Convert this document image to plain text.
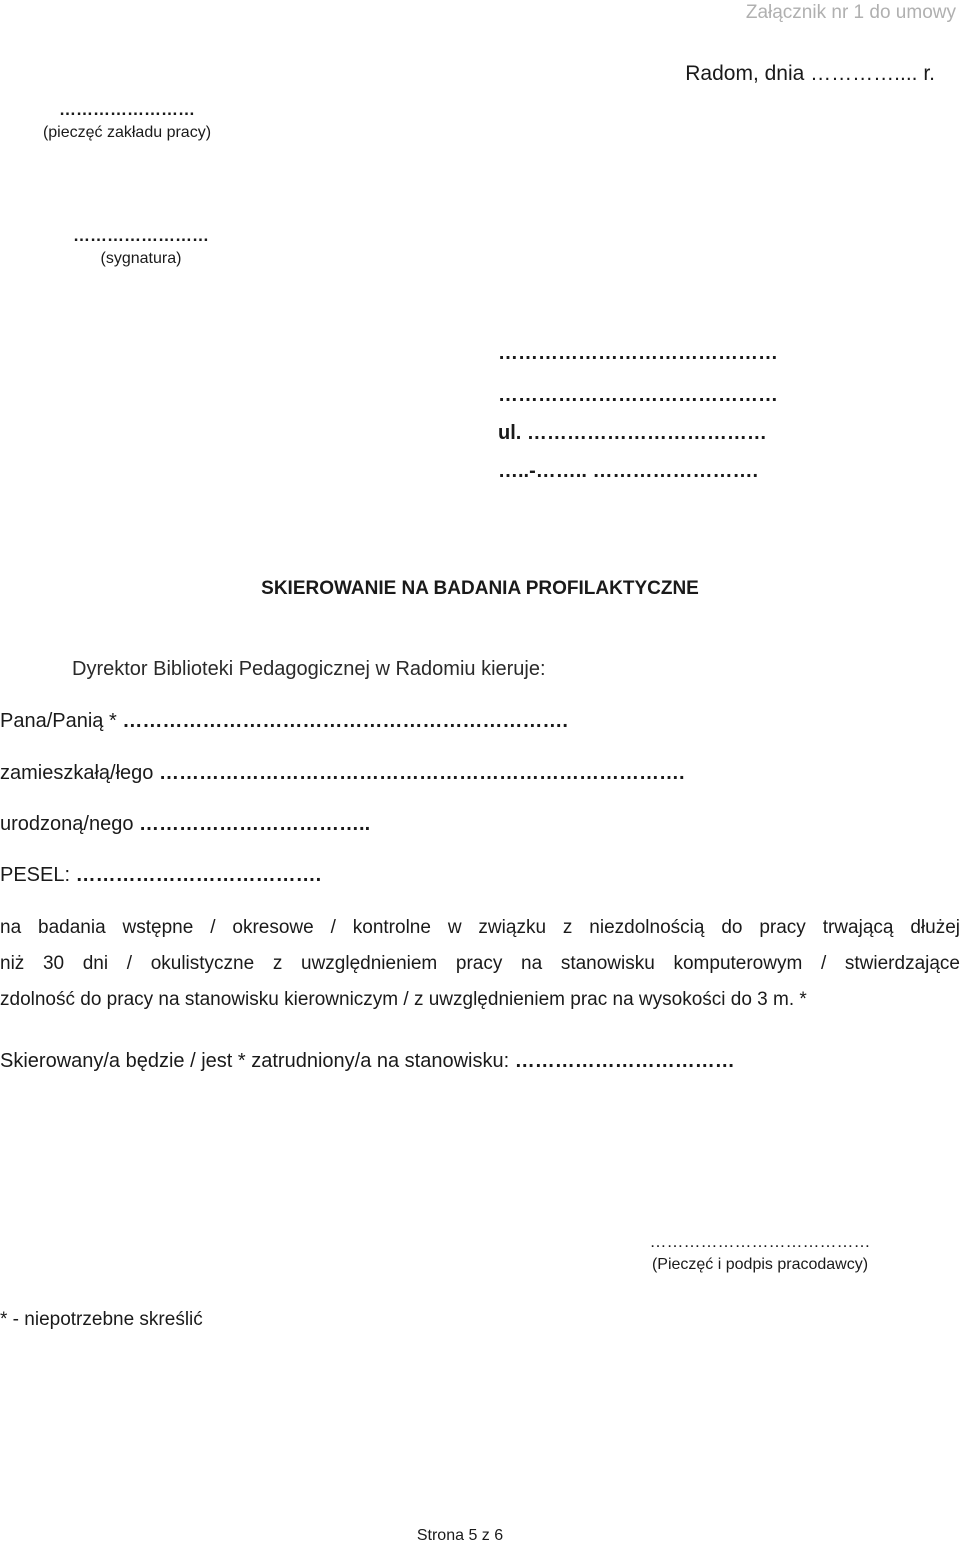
Załącznik nr 1 do umowy
Radom, dnia ………….... r.
……………………
(pieczęć zakładu pracy)
……………………
(sygnatura)
……………………………………
……………………………………
ul. ………………………………
…..-…….. …………………….
SKIEROWANIE NA BADANIA PROFILAKTYCZNE
Dyrektor Biblioteki Pedagogicznej w Radomiu kieruje:
Pana/Panią * ………………………………………………………….
zamieszkałą/łego …………………………………………………………………….
urodzoną/nego ……………………………..
PESEL: ……………………………….
na badania wstępne / okresowe / kontrolne w związku z niezdolnością do pracy trwającą dłużej
niż 30 dni / okulistyczne z uwzględnieniem pracy na stanowisku komputerowym / stwierdzające
zdolność do pracy na stanowisku kierowniczym / z uwzględnieniem prac na wysokości do 3 m. *
Skierowany/a będzie / jest * zatrudniony/a na stanowisku: ……………………………
…………………………………
(Pieczęć i podpis pracodawcy)
* - niepotrzebne skreślić
Strona 5 z 6
